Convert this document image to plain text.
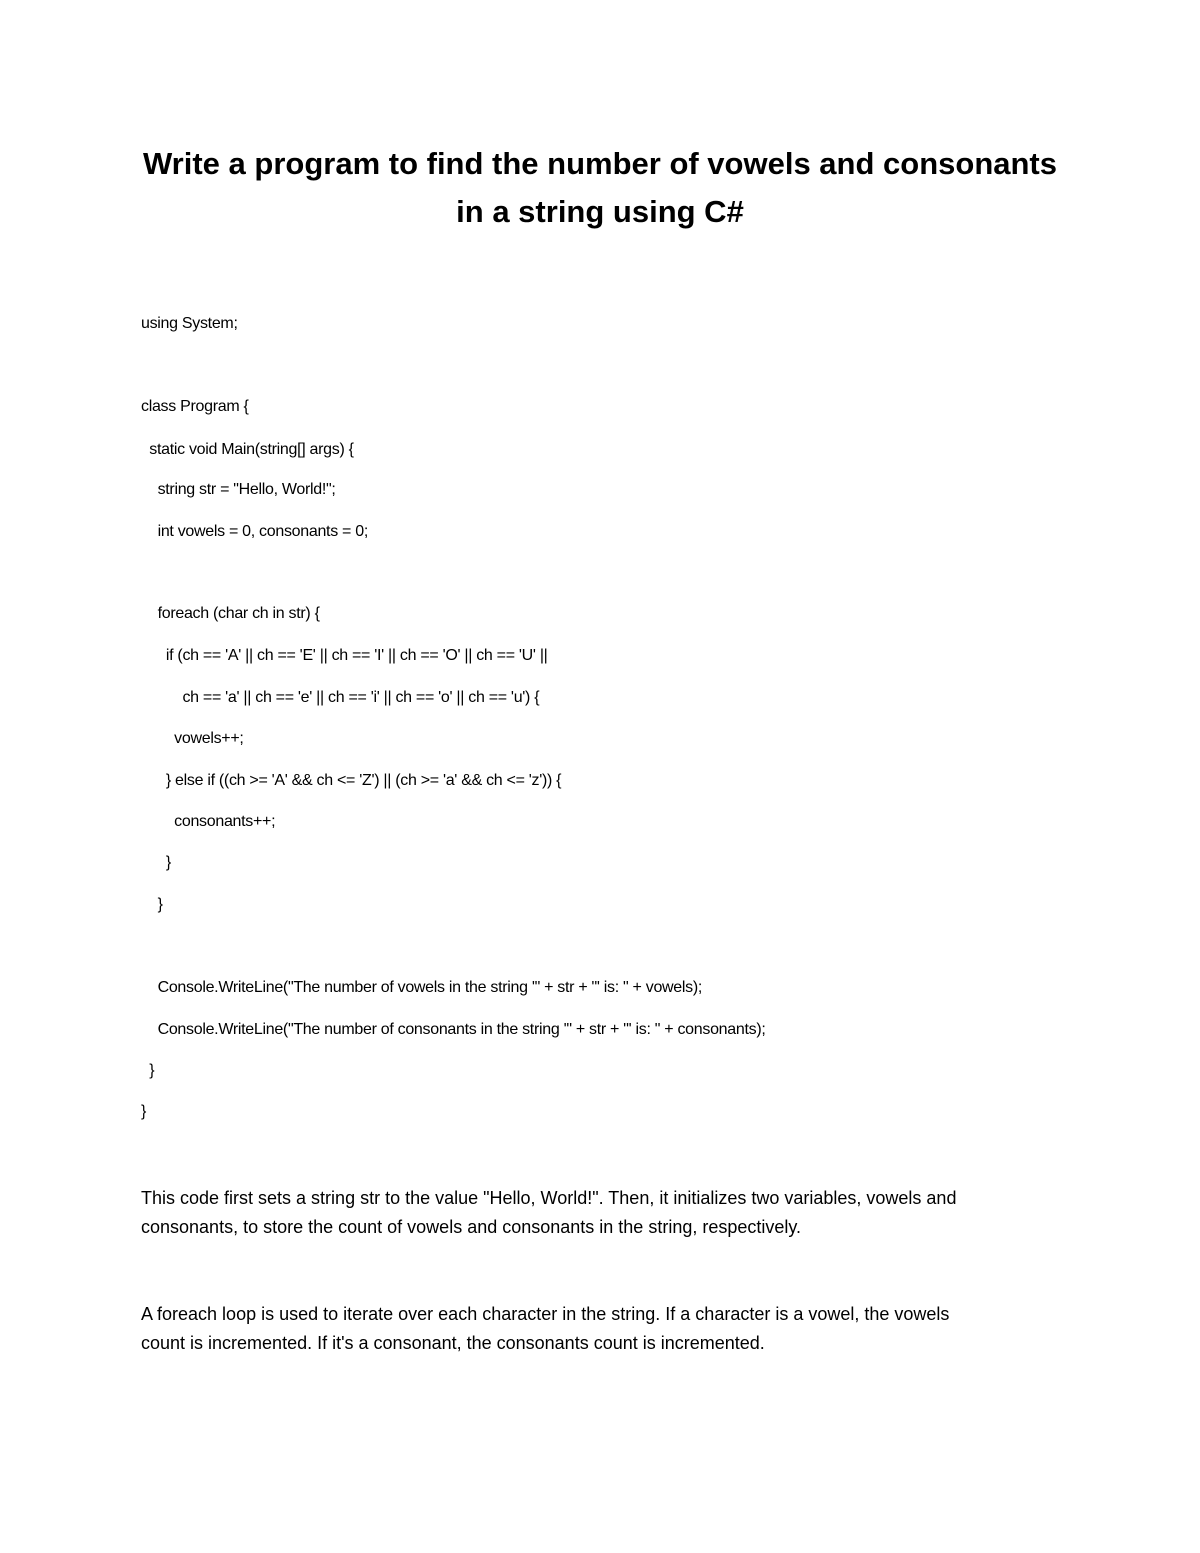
Write a program to find the number of vowels and consonants
in a string using C#
using System;
class Program {
static void Main(string[] args) {
string str = "Hello, World!";
int vowels = 0, consonants = 0;
foreach (char ch in str) {
if (ch == 'A' || ch == 'E' || ch == 'I' || ch == 'O' || ch == 'U' ||
ch == 'a' || ch == 'e' || ch == 'i' || ch == 'o' || ch == 'u') {
vowels++;
} else if ((ch >= 'A' && ch <= 'Z') || (ch >= 'a' && ch <= 'z')) {
consonants++;
}
}
Console.WriteLine("The number of vowels in the string '" + str + "' is: " + vowels);
Console.WriteLine("The number of consonants in the string '" + str + "' is: " + consonants);
}
}
This code first sets a string str to the value "Hello, World!". Then, it initializes two variables, vowels and
consonants, to store the count of vowels and consonants in the string, respectively.
A foreach loop is used to iterate over each character in the string. If a character is a vowel, the vowels
count is incremented. If it's a consonant, the consonants count is incremented.
